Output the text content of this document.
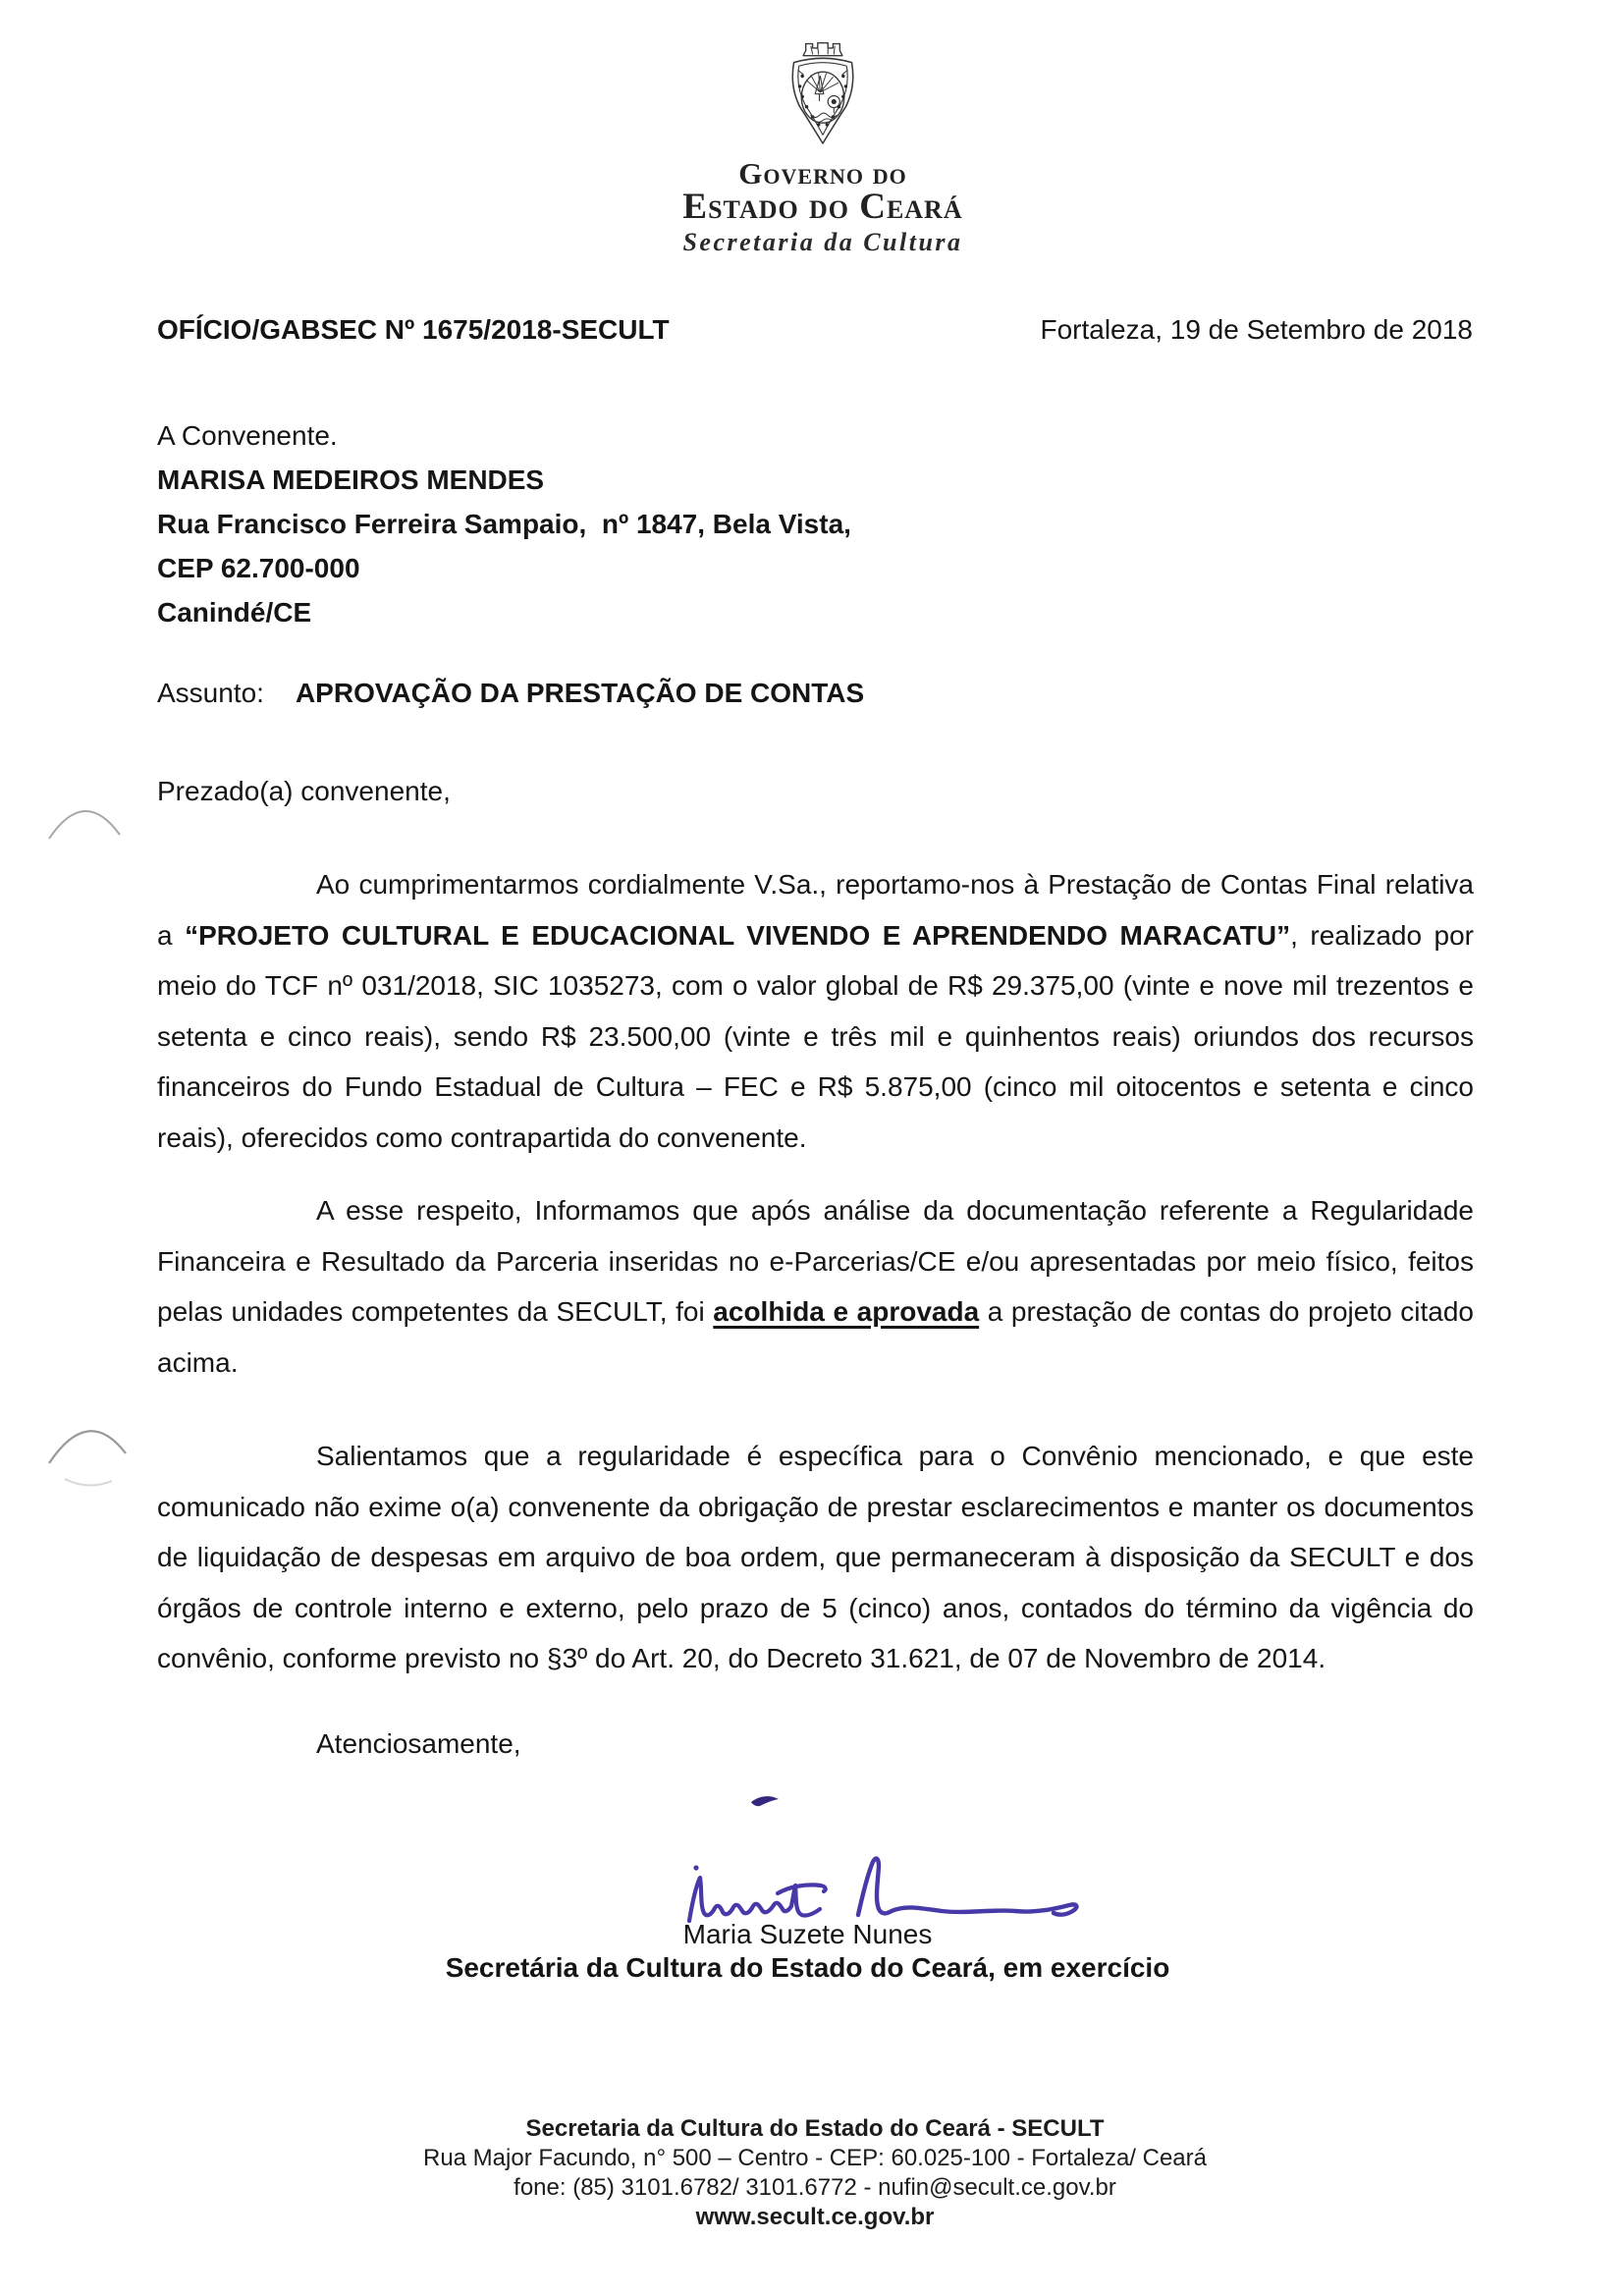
Governo do
Estado do Ceará
Secretaria da Cultura
OFÍCIO/GABSEC Nº 1675/2018-SECULT	Fortaleza, 19 de Setembro de 2018
A Convenente.
MARISA MEDEIROS MENDES
Rua Francisco Ferreira Sampaio,  nº 1847, Bela Vista,
CEP 62.700-000
Canindé/CE
Assunto: APROVAÇÃO DA PRESTAÇÃO DE CONTAS
Prezado(a) convenente,

Ao cumprimentarmos cordialmente V.Sa., reportamo-nos à Prestação de Contas Final relativa a “PROJETO CULTURAL E EDUCACIONAL VIVENDO E APRENDENDO MARACATU”, realizado por meio do TCF nº 031/2018, SIC 1035273, com o valor global de R$ 29.375,00 (vinte e nove mil trezentos e setenta e cinco reais), sendo R$ 23.500,00 (vinte e três mil e quinhentos reais) oriundos dos recursos financeiros do Fundo Estadual de Cultura – FEC e R$ 5.875,00 (cinco mil oitocentos e setenta e cinco reais), oferecidos como contrapartida do convenente.

A esse respeito, Informamos que após análise da documentação referente a Regularidade Financeira e Resultado da Parceria inseridas no e-Parcerias/CE e/ou apresentadas por meio físico, feitos pelas unidades competentes da SECULT, foi acolhida e aprovada a prestação de contas do projeto citado acima.

Salientamos que a regularidade é específica para o Convênio mencionado, e que este comunicado não exime o(a) convenente da obrigação de prestar esclarecimentos e manter os documentos de liquidação de despesas em arquivo de boa ordem, que permaneceram à disposição da SECULT e dos órgãos de controle interno e externo, pelo prazo de 5 (cinco) anos, contados do término da vigência do convênio, conforme previsto no §3º do Art. 20, do Decreto 31.621, de 07 de Novembro de 2014.

Atenciosamente,
Maria Suzete Nunes
Secretária da Cultura do Estado do Ceará, em exercício
Secretaria da Cultura do Estado do Ceará - SECULT
Rua Major Facundo, n° 500 – Centro - CEP: 60.025-100 - Fortaleza/ Ceará
fone: (85) 3101.6782/ 3101.6772 - nufin@secult.ce.gov.br
www.secult.ce.gov.br
